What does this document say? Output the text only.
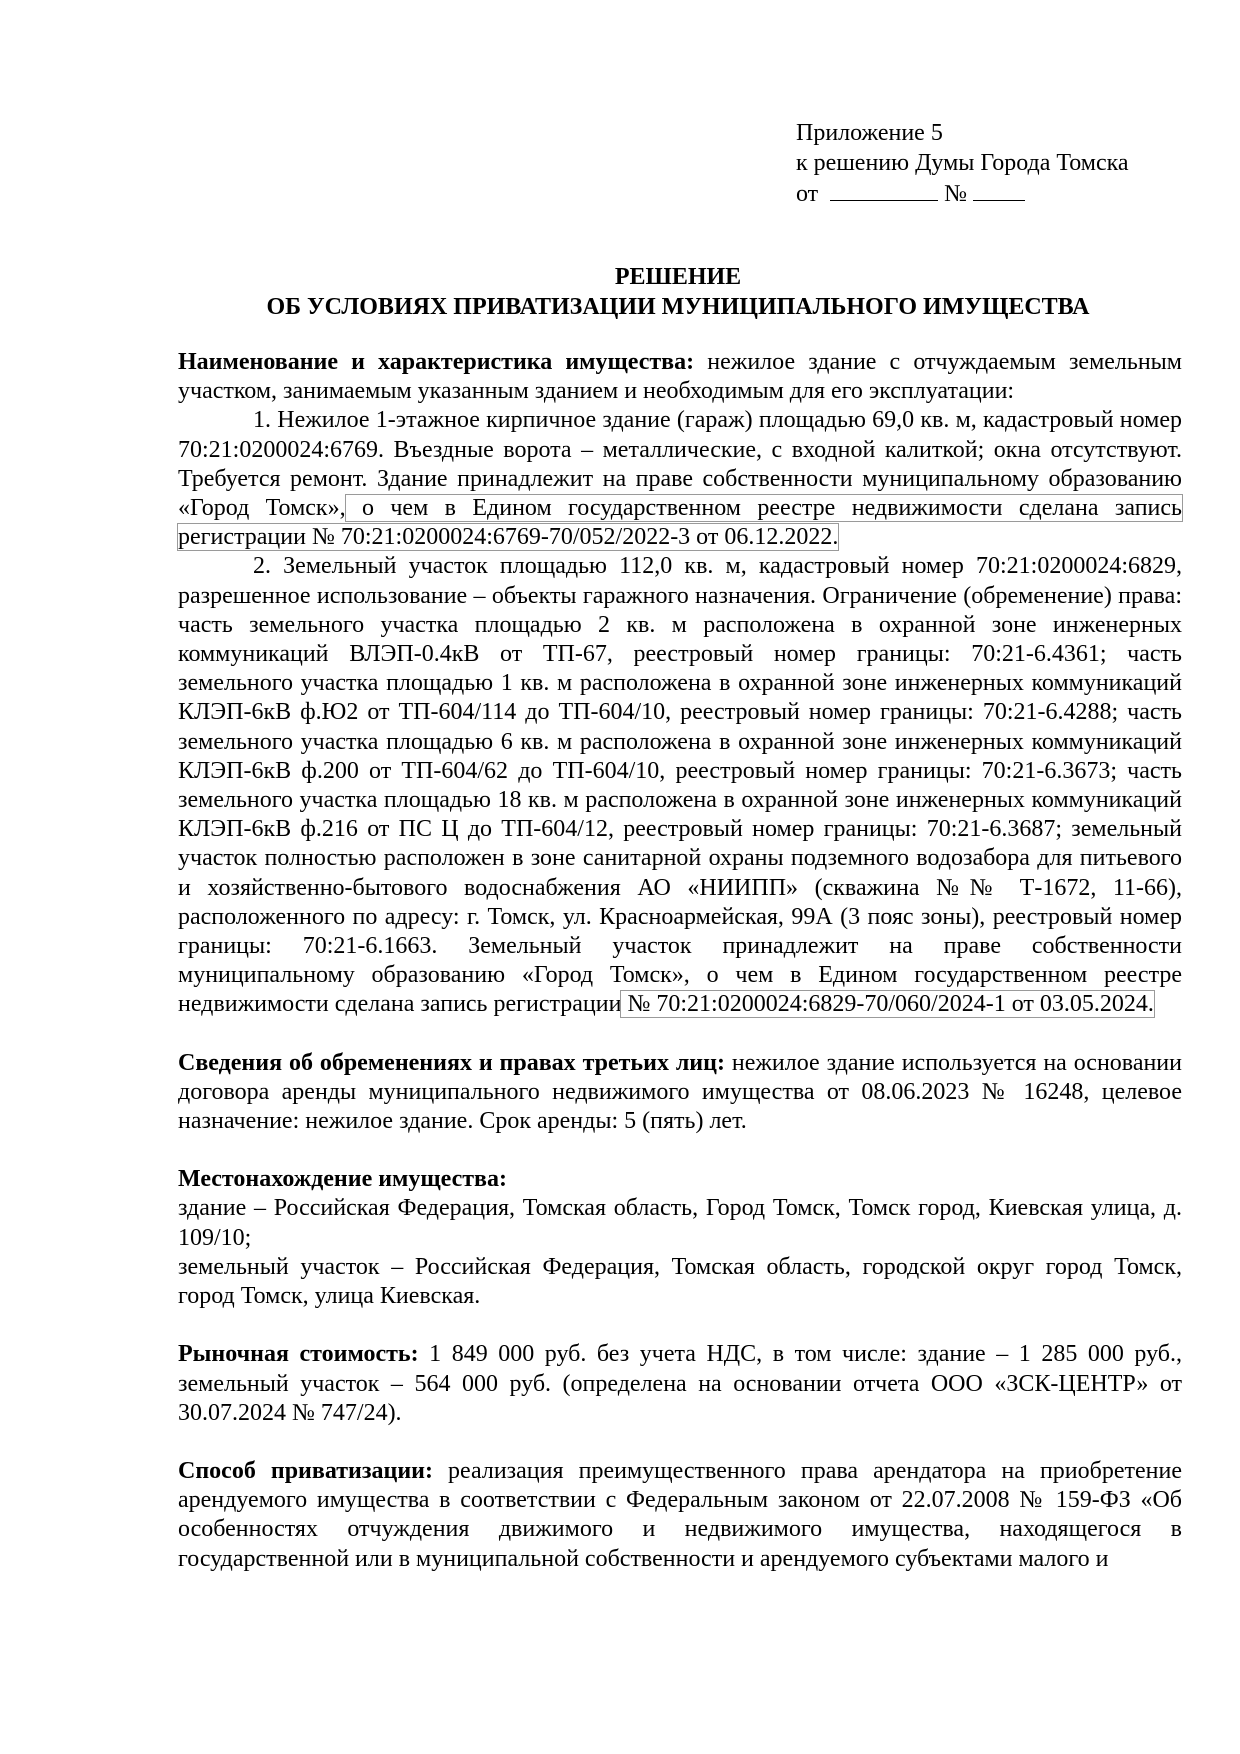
Приложение 5
к решению Думы Города Томска
от	№
РЕШЕНИЕ
ОБ УСЛОВИЯХ ПРИВАТИЗАЦИИ МУНИЦИПАЛЬНОГО ИМУЩЕСТВА

Наименование и характеристика имущества: нежилое здание с отчуждаемым земельным участком, занимаемым указанным зданием и необходимым для его эксплуатации:

1. Нежилое 1-этажное кирпичное здание (гараж) площадью 69,0 кв. м, кадастровый номер 70:21:0200024:6769. Въездные ворота – металлические, с входной калиткой; окна отсутствуют. Требуется ремонт. Здание принадлежит на праве собственности муниципальному образованию «Город Томск», о чем в Едином государственном реестре недвижимости сделана запись регистрации № 70:21:0200024:6769-70/052/2022-3 от 06.12.2022.

2. Земельный участок площадью 112,0 кв. м, кадастровый номер 70:21:0200024:6829, разрешенное использование – объекты гаражного назначения. Ограничение (обременение) права: часть земельного участка площадью 2 кв. м расположена в охранной зоне инженерных коммуникаций ВЛЭП-0.4кВ от ТП-67, реестровый номер границы: 70:21-6.4361; часть земельного участка площадью 1 кв. м расположена в охранной зоне инженерных коммуникаций КЛЭП-6кВ ф.Ю2 от ТП-604/114 до ТП-604/10, реестровый номер границы: 70:21-6.4288; часть земельного участка площадью 6 кв. м расположена в охранной зоне инженерных коммуникаций КЛЭП-6кВ ф.200 от ТП-604/62 до ТП-604/10, реестровый номер границы: 70:21-6.3673; часть земельного участка площадью 18 кв. м расположена в охранной зоне инженерных коммуникаций КЛЭП-6кВ ф.216 от ПС Ц до ТП-604/12, реестровый номер границы: 70:21-6.3687; земельный участок полностью расположен в зоне санитарной охраны подземного водозабора для питьевого и хозяйственно-бытового водоснабжения АО «НИИПП» (скважина №№ Т-1672, 11-66), расположенного по адресу: г. Томск, ул. Красноармейская, 99А (3 пояс зоны), реестровый номер границы: 70:21-6.1663. Земельный участок принадлежит на праве собственности муниципальному образованию «Город Томск», о чем в Едином государственном реестре недвижимости сделана запись регистрации № 70:21:0200024:6829-70/060/2024-1 от 03.05.2024.

Сведения об обременениях и правах третьих лиц: нежилое здание используется на основании договора аренды муниципального недвижимого имущества от 08.06.2023 № 16248, целевое назначение: нежилое здание. Срок аренды: 5 (пять) лет.

Местонахождение имущества:

здание – Российская Федерация, Томская область, Город Томск, Томск город, Киевская улица, д. 109/10;

земельный участок – Российская Федерация, Томская область, городской округ город Томск, город Томск, улица Киевская.

Рыночная стоимость: 1 849 000 руб. без учета НДС, в том числе: здание – 1 285 000 руб., земельный участок – 564 000 руб. (определена на основании отчета ООО «ЗСК-ЦЕНТР» от 30.07.2024 № 747/24).

Способ приватизации: реализация преимущественного права арендатора на приобретение арендуемого имущества в соответствии с Федеральным законом от 22.07.2008 № 159-ФЗ «Об особенностях отчуждения движимого и недвижимого имущества, находящегося в государственной или в муниципальной собственности и арендуемого субъектами малого и
